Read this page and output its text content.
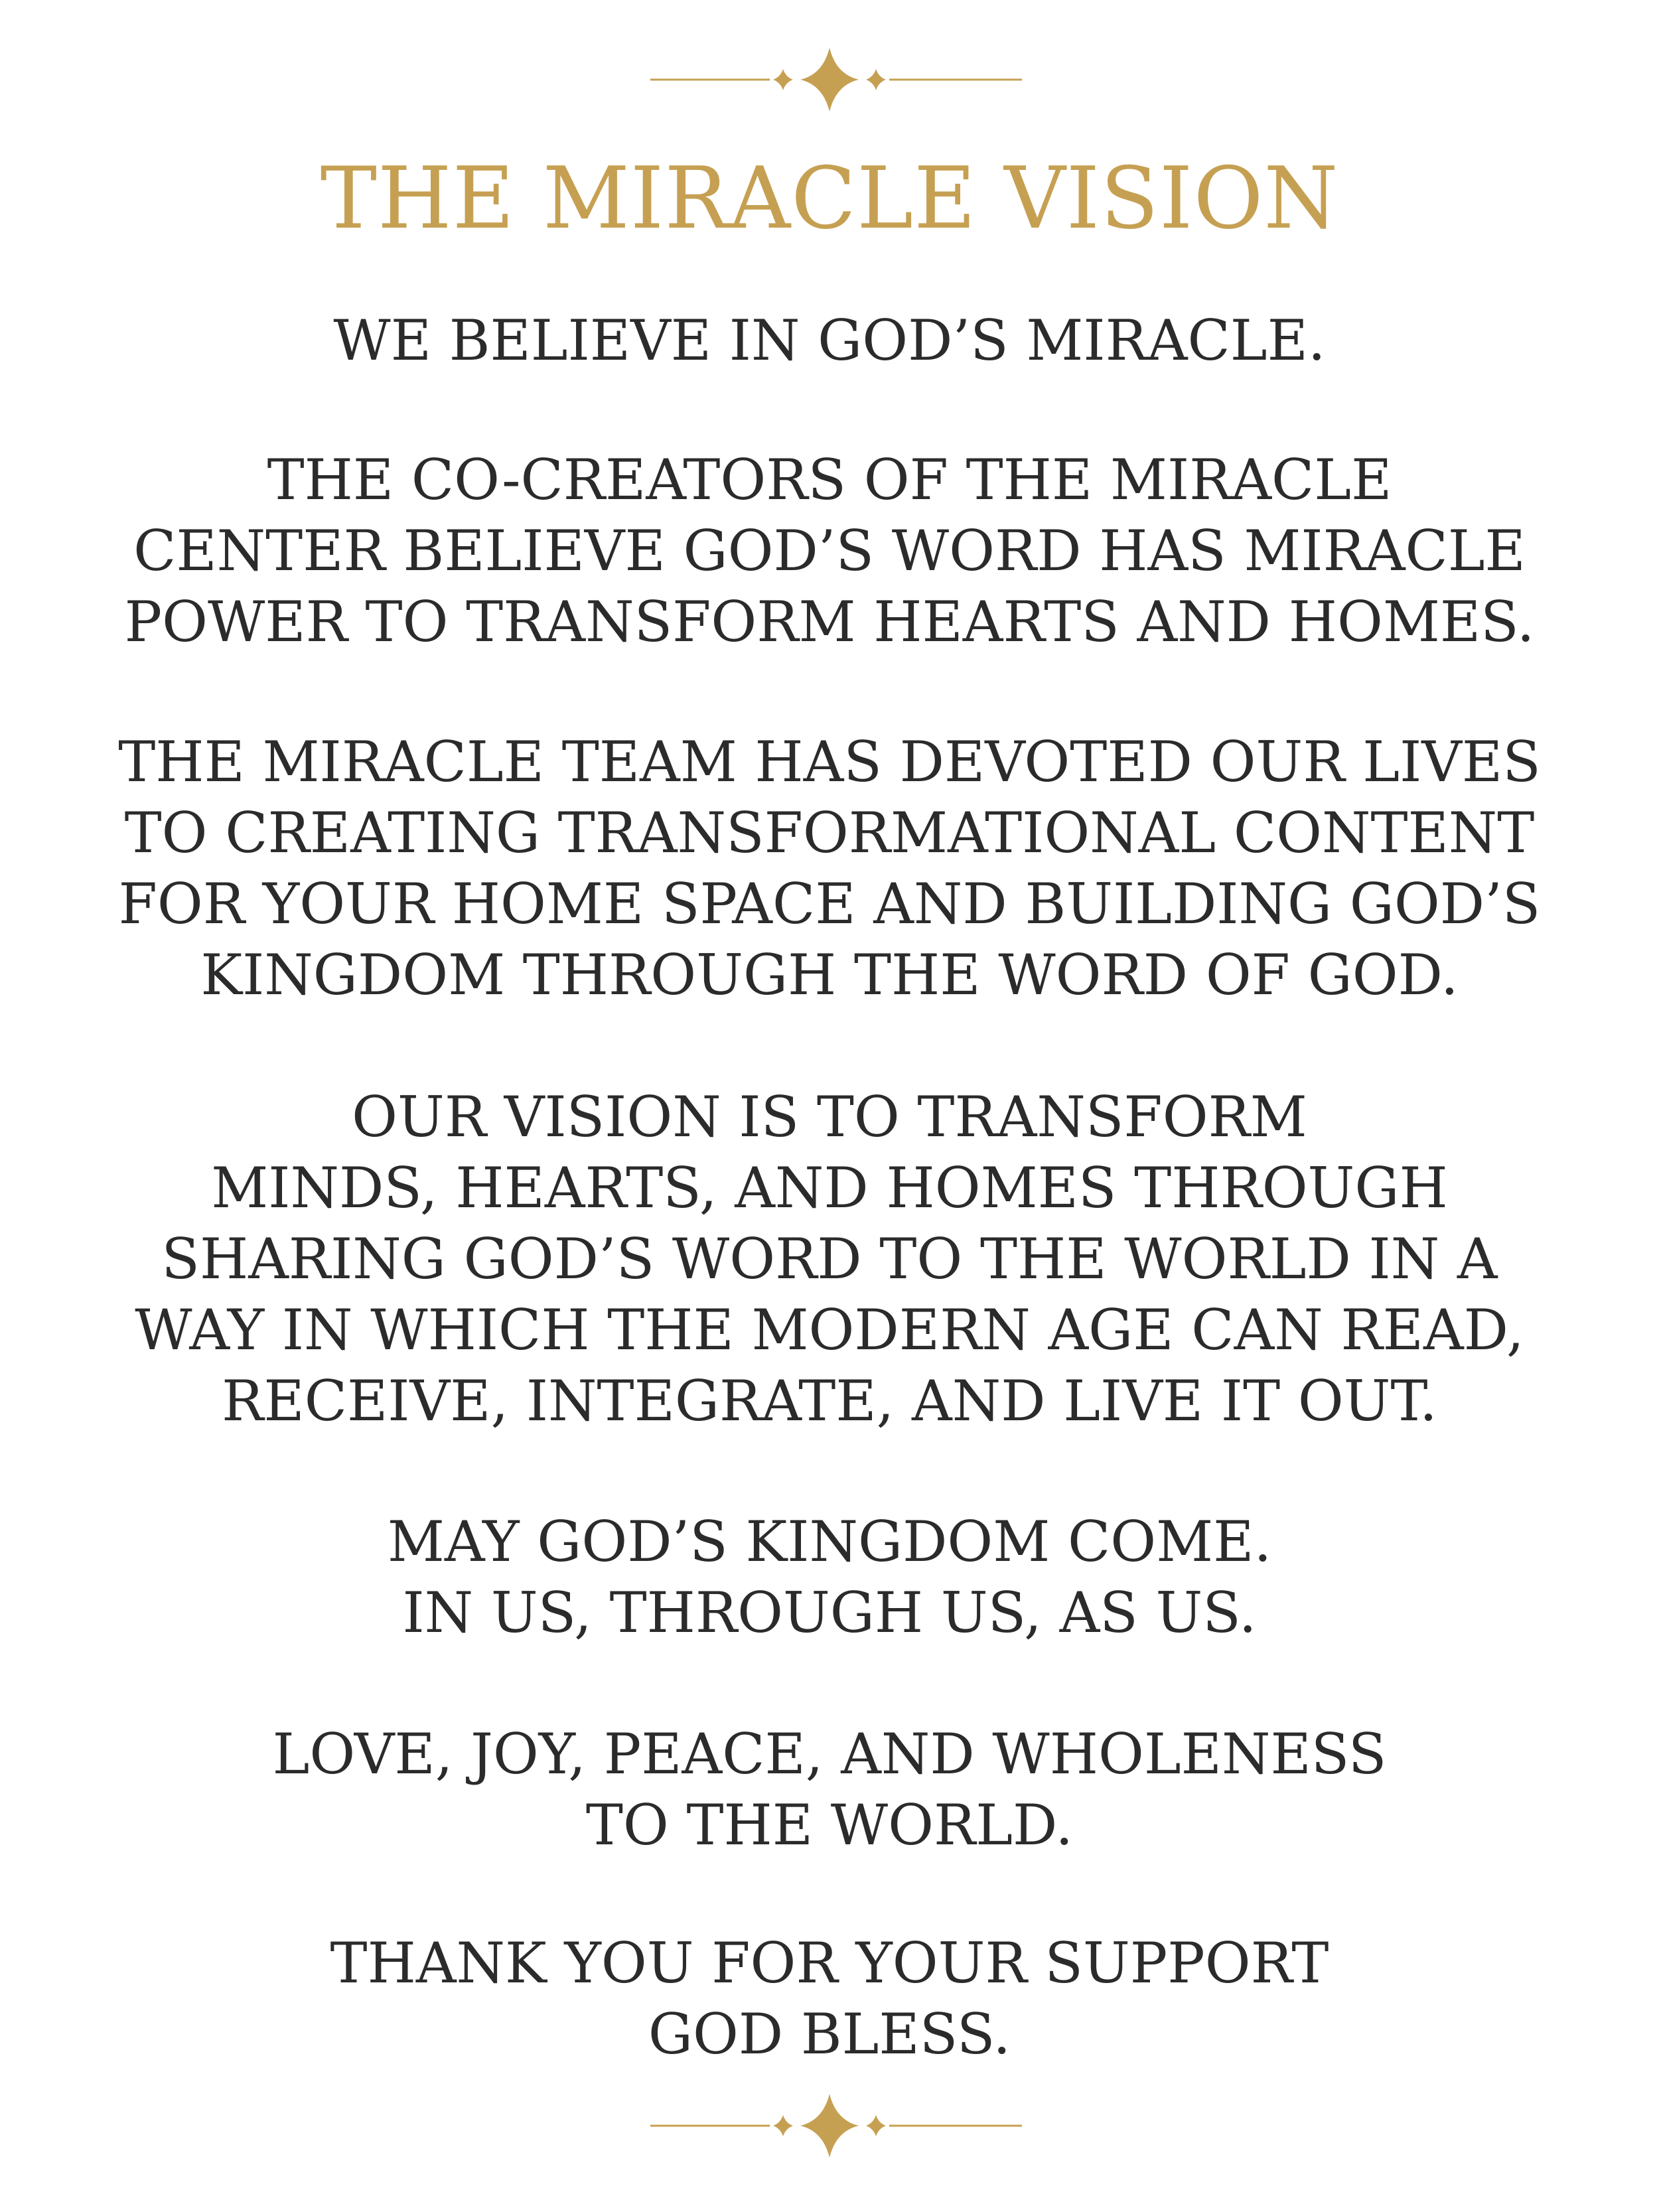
THE MIRACLE VISION
WE BELIEVE IN GOD’S MIRACLE.
THE CO-CREATORS OF THE MIRACLE
CENTER BELIEVE GOD’S WORD HAS MIRACLE
POWER TO TRANSFORM HEARTS AND HOMES.
THE MIRACLE TEAM HAS DEVOTED OUR LIVES
TO CREATING TRANSFORMATIONAL CONTENT
FOR YOUR HOME SPACE AND BUILDING GOD’S
KINGDOM THROUGH THE WORD OF GOD.
OUR VISION IS TO TRANSFORM
MINDS, HEARTS, AND HOMES THROUGH
SHARING GOD’S WORD TO THE WORLD IN A
WAY IN WHICH THE MODERN AGE CAN READ,
RECEIVE, INTEGRATE, AND LIVE IT OUT.
MAY GOD’S KINGDOM COME.
IN US, THROUGH US, AS US.
LOVE, JOY, PEACE, AND WHOLENESS
TO THE WORLD.
THANK YOU FOR YOUR SUPPORT
GOD BLESS.
